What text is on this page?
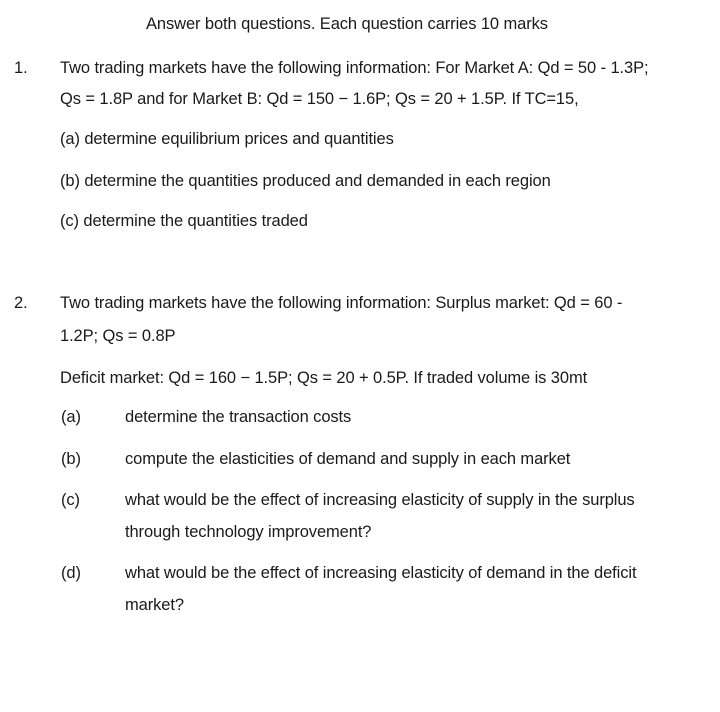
Answer both questions. Each question carries 10 marks
1. Two trading markets have the following information: For Market A: Qd = 50 - 1.3P;
Qs = 1.8P and for Market B: Qd = 150 − 1.6P; Qs = 20 + 1.5P. If TC=15,
(a) determine equilibrium prices and quantities
(b) determine the quantities produced and demanded in each region
(c) determine the quantities traded
2. Two trading markets have the following information: Surplus market: Qd = 60 -
1.2P; Qs = 0.8P
Deficit market: Qd = 160 − 1.5P; Qs = 20 + 0.5P. If traded volume is 30mt
(a)	determine the transaction costs
(b)	compute the elasticities of demand and supply in each market
(c)	what would be the effect of increasing elasticity of supply in the surplus
through technology improvement?
(d)	what would be the effect of increasing elasticity of demand in the deficit
market?
